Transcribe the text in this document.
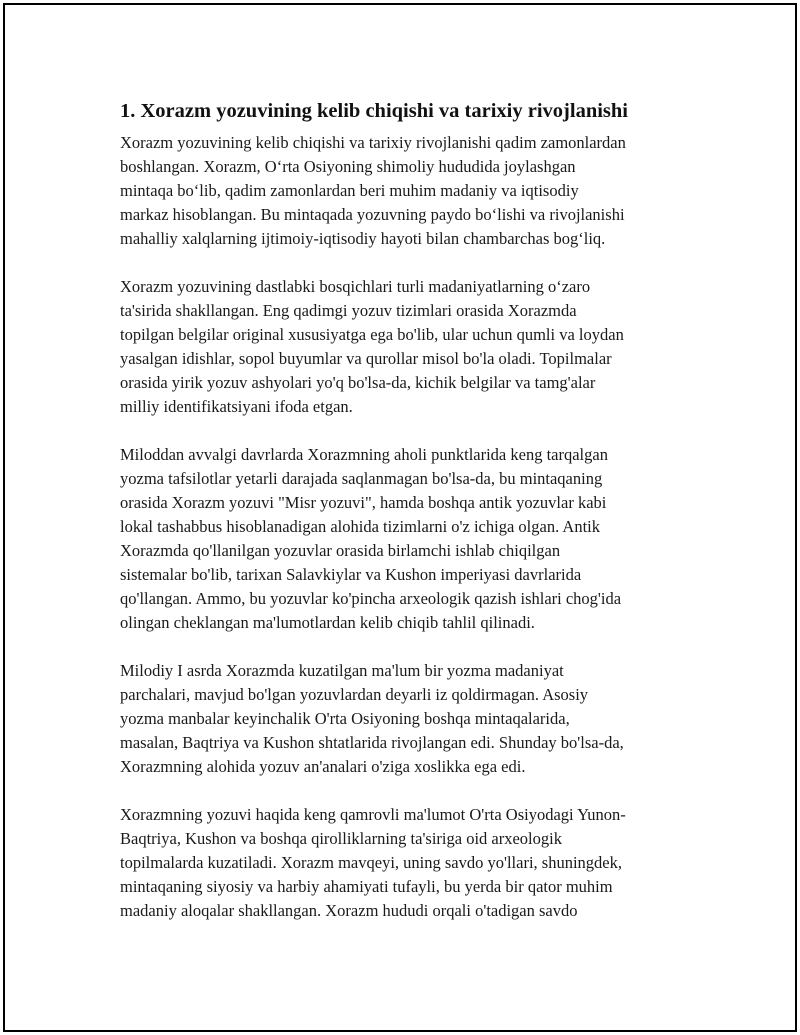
1. Xorazm yozuvining kelib chiqishi va tarixiy rivojlanishi

Xorazm yozuvining kelib chiqishi va tarixiy rivojlanishi qadim zamonlardan
boshlangan. Xorazm, O‘rta Osiyoning shimoliy hududida joylashgan
mintaqa bo‘lib, qadim zamonlardan beri muhim madaniy va iqtisodiy
markaz hisoblangan. Bu mintaqada yozuvning paydo bo‘lishi va rivojlanishi
mahalliy xalqlarning ijtimoiy-iqtisodiy hayoti bilan chambarchas bog‘liq.

Xorazm yozuvining dastlabki bosqichlari turli madaniyatlarning o‘zaro
ta'sirida shakllangan. Eng qadimgi yozuv tizimlari orasida Xorazmda
topilgan belgilar original xususiyatga ega bo'lib, ular uchun qumli va loydan
yasalgan idishlar, sopol buyumlar va qurollar misol bo'la oladi. Topilmalar
orasida yirik yozuv ashyolari yo'q bo'lsa-da, kichik belgilar va tamg'alar
milliy identifikatsiyani ifoda etgan.

Miloddan avvalgi davrlarda Xorazmning aholi punktlarida keng tarqalgan
yozma tafsilotlar yetarli darajada saqlanmagan bo'lsa-da, bu mintaqaning
orasida Xorazm yozuvi "Misr yozuvi", hamda boshqa antik yozuvlar kabi
lokal tashabbus hisoblanadigan alohida tizimlarni o'z ichiga olgan. Antik
Xorazmda qo'llanilgan yozuvlar orasida birlamchi ishlab chiqilgan
sistemalar bo'lib, tarixan Salavkiylar va Kushon imperiyasi davrlarida
qo'llangan. Ammo, bu yozuvlar ko'pincha arxeologik qazish ishlari chog'ida
olingan cheklangan ma'lumotlardan kelib chiqib tahlil qilinadi.

Milodiy I asrda Xorazmda kuzatilgan ma'lum bir yozma madaniyat
parchalari, mavjud bo'lgan yozuvlardan deyarli iz qoldirmagan. Asosiy
yozma manbalar keyinchalik O'rta Osiyoning boshqa mintaqalarida,
masalan, Baqtriya va Kushon shtatlarida rivojlangan edi. Shunday bo'lsa-da,
Xorazmning alohida yozuv an'analari o'ziga xoslikka ega edi.

Xorazmning yozuvi haqida keng qamrovli ma'lumot O'rta Osiyodagi Yunon-
Baqtriya, Kushon va boshqa qirolliklarning ta'siriga oid arxeologik
topilmalarda kuzatiladi. Xorazm mavqeyi, uning savdo yo'llari, shuningdek,
mintaqaning siyosiy va harbiy ahamiyati tufayli, bu yerda bir qator muhim
madaniy aloqalar shakllangan. Xorazm hududi orqali o'tadigan savdo
